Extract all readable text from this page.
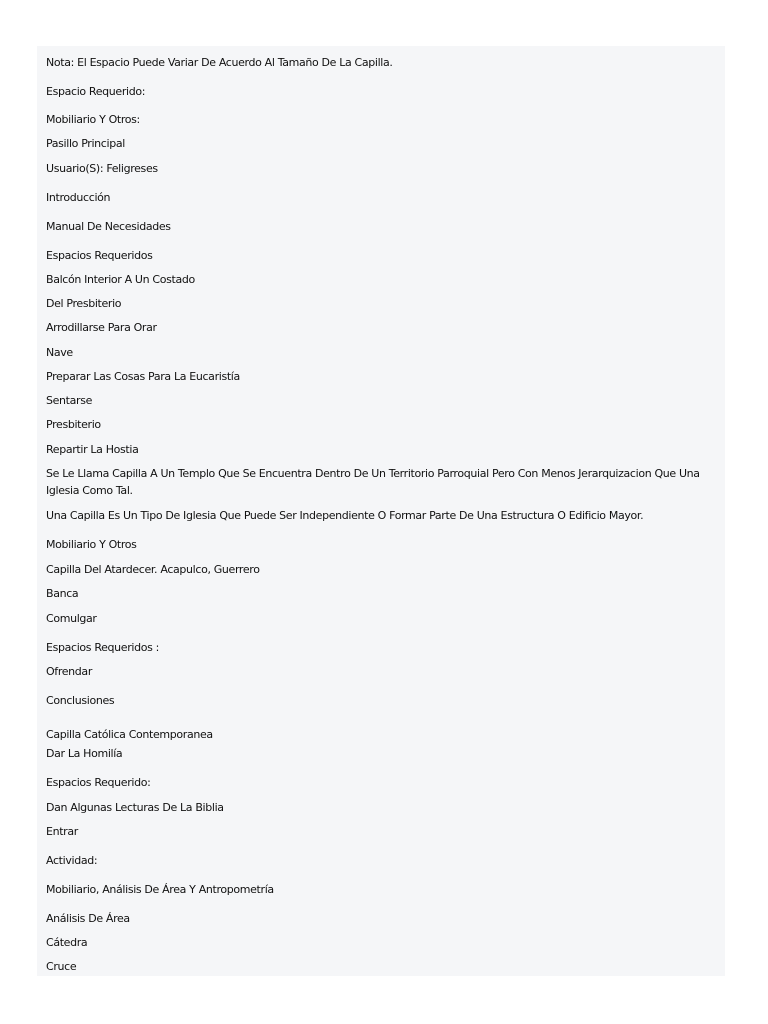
Nota: El Espacio Puede Variar De Acuerdo Al Tamaño De La Capilla.
Espacio Requerido:
Mobiliario Y Otros:
Pasillo Principal
Usuario(S): Feligreses
Introducción
Manual De Necesidades
Espacios Requeridos
Balcón Interior A Un Costado
Del Presbiterio
Arrodillarse Para Orar
Nave
Preparar Las Cosas Para La Eucaristía
Sentarse
Presbiterio
Repartir La Hostia
Se Le Llama Capilla A Un Templo Que Se Encuentra Dentro De Un Territorio Parroquial Pero Con Menos Jerarquizacion Que Una Iglesia Como Tal.
Una Capilla Es Un Tipo De Iglesia Que Puede Ser Independiente O Formar Parte De Una Estructura O Edificio Mayor.
Mobiliario Y Otros
Capilla Del Atardecer. Acapulco, Guerrero
Banca
Comulgar
Espacios Requeridos :
Ofrendar
Conclusiones
Capilla Católica Contemporanea
Dar La Homilía
Espacios Requerido:
Dan Algunas Lecturas De La Biblia
Entrar
Actividad:
Mobiliario, Análisis De Área Y Antropometría
Análisis De Área
Cátedra
Cruce
